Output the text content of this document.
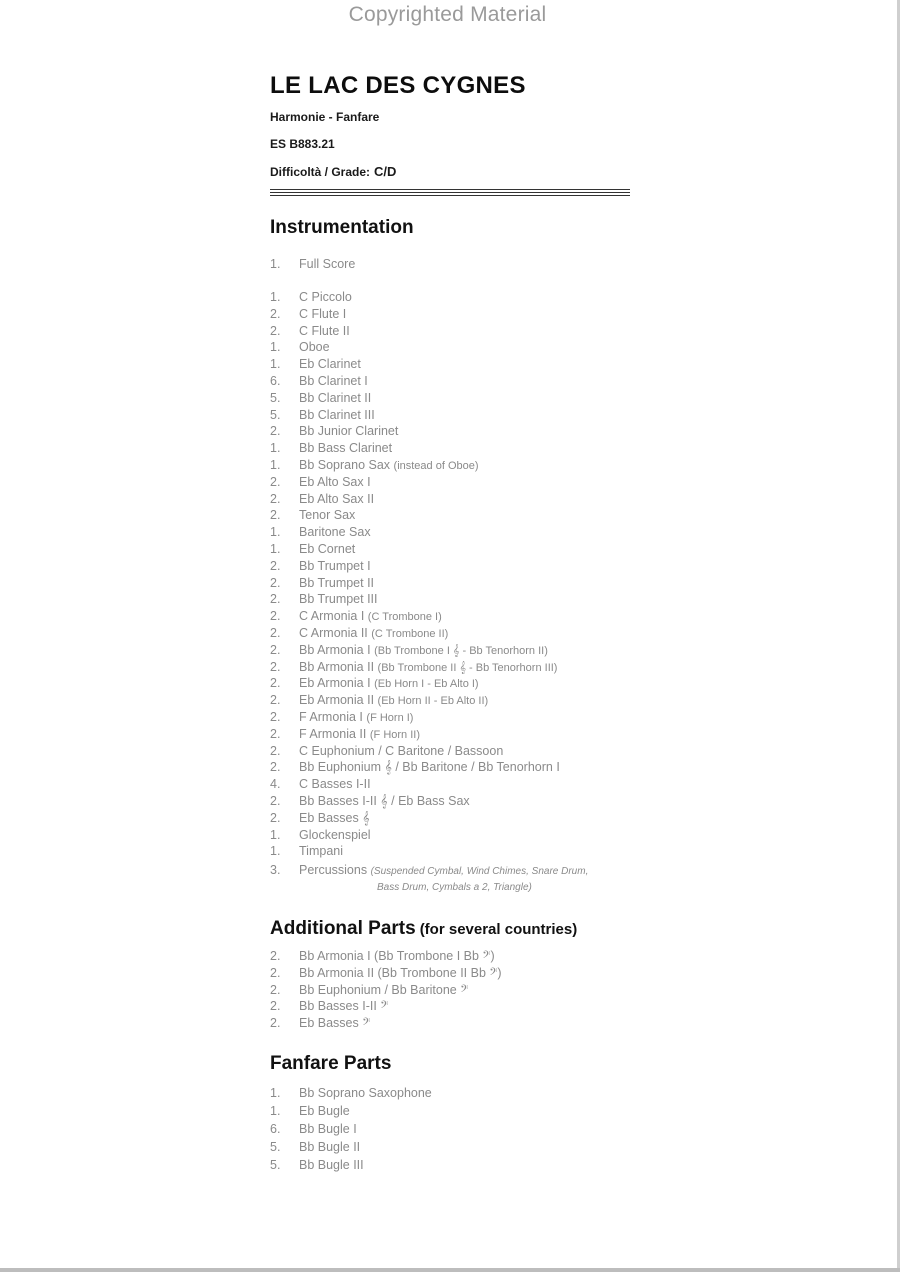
Copyrighted Material
LE LAC DES CYGNES
Harmonie - Fanfare
ES B883.21
Difficoltà / Grade: C/D
Instrumentation
1. Full Score
1. C Piccolo
2. C Flute I
2. C Flute II
1. Oboe
1. Eb Clarinet
6. Bb Clarinet I
5. Bb Clarinet II
5. Bb Clarinet III
2. Bb Junior Clarinet
1. Bb Bass Clarinet
1. Bb Soprano Sax (instead of Oboe)
2. Eb Alto Sax I
2. Eb Alto Sax II
2. Tenor Sax
1. Baritone Sax
1. Eb Cornet
2. Bb Trumpet I
2. Bb Trumpet II
2. Bb Trumpet III
2. C Armonia I (C Trombone I)
2. C Armonia II (C Trombone II)
2. Bb Armonia I (Bb Trombone I 𝄞 - Bb Tenorhorn II)
2. Bb Armonia II (Bb Trombone II 𝄞 - Bb Tenorhorn III)
2. Eb Armonia I (Eb Horn I - Eb Alto I)
2. Eb Armonia II (Eb Horn II - Eb Alto II)
2. F Armonia I (F Horn I)
2. F Armonia II (F Horn II)
2. C Euphonium / C Baritone / Bassoon
2. Bb Euphonium 𝄞 / Bb Baritone / Bb Tenorhorn I
4. C Basses I-II
2. Bb Basses I-II 𝄞 / Eb Bass Sax
2. Eb Basses 𝄞
1. Glockenspiel
1. Timpani
3. Percussions (Suspended Cymbal, Wind Chimes, Snare Drum,
Bass Drum, Cymbals a 2, Triangle)
Additional Parts (for several countries)
2. Bb Armonia I (Bb Trombone I Bb 𝄢)
2. Bb Armonia II (Bb Trombone II Bb 𝄢)
2. Bb Euphonium / Bb Baritone 𝄢
2. Bb Basses I-II 𝄢
2. Eb Basses 𝄢
Fanfare Parts
1. Bb Soprano Saxophone
1. Eb Bugle
6. Bb Bugle I
5. Bb Bugle II
5. Bb Bugle III
